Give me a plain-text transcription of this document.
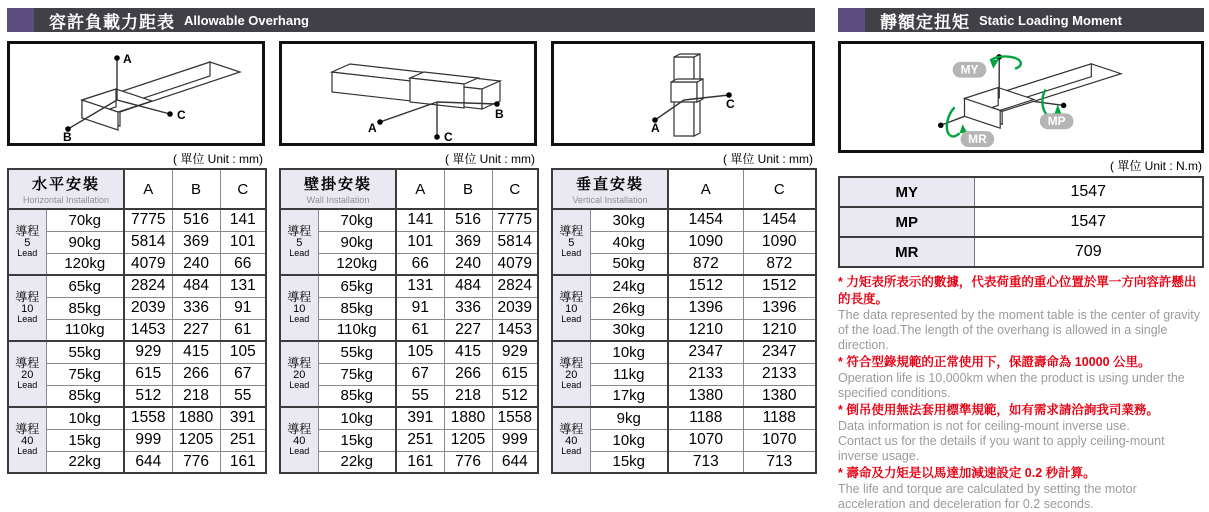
容許負載力距表 Allowable Overhang
A
C
B
( 單位 Unit : mm)
水平安裝
Horizontal Installation		A	B	C

導程
5
Lead	70kg	7775	516	141
	90kg	5814	369	101
	120kg	4079	240	66

導程
10
Lead	65kg	2824	484	131
	85kg	2039	336	91
	110kg	1453	227	61

導程
20
Lead	55kg	929	415	105
	75kg	615	266	67
	85kg	512	218	55

導程
40
Lead	10kg	1558	1880	391
	15kg	999	1205	251
	22kg	644	776	161
A
B
C
( 單位 Unit : mm)
壁掛安裝
Wall Installation		A	B	C

導程
5
Lead	70kg	141	516	7775
	90kg	101	369	5814
	120kg	66	240	4079

導程
10
Lead	65kg	131	484	2824
	85kg	91	336	2039
	110kg	61	227	1453

導程
20
Lead	55kg	105	415	929
	75kg	67	266	615
	85kg	55	218	512

導程
40
Lead	10kg	391	1880	1558
	15kg	251	1205	999
	22kg	161	776	644
A
C
( 單位 Unit : mm)
垂直安裝
Vertical Installation		A	C

導程
5
Lead	30kg	1454	1454
	40kg	1090	1090
	50kg	872	872

導程
10
Lead	24kg	1512	1512
	26kg	1396	1396
	30kg	1210	1210

導程
20
Lead	10kg	2347	2347
	11kg	2133	2133
	17kg	1380	1380

導程
40
Lead	9kg	1188	1188
	10kg	1070	1070
	15kg	713	713
靜額定扭矩 Static Loading Moment
MY
MP
MR
( 單位 Unit : N.m)
MY	1547
MP	1547
MR	709
* 力矩表所表示的數據，代表荷重的重心位置於單一方向容許懸出的長度。
The data represented by the moment table is the center of gravity of the load.The length of the overhang is allowed in a single direction.
* 符合型錄規範的正常使用下，保證壽命為 10000 公里。
Operation life is 10,000km when the product is using under the specified conditions.
* 倒吊使用無法套用標準規範，如有需求請洽詢我司業務。
Data information is not for ceiling-mount inverse use.
Contact us for the details if you want to apply ceiling-mount inverse usage.
* 壽命及力矩是以馬達加減速設定 0.2 秒計算。
The life and torque are calculated by setting the motor acceleration and deceleration for 0.2 seconds.
